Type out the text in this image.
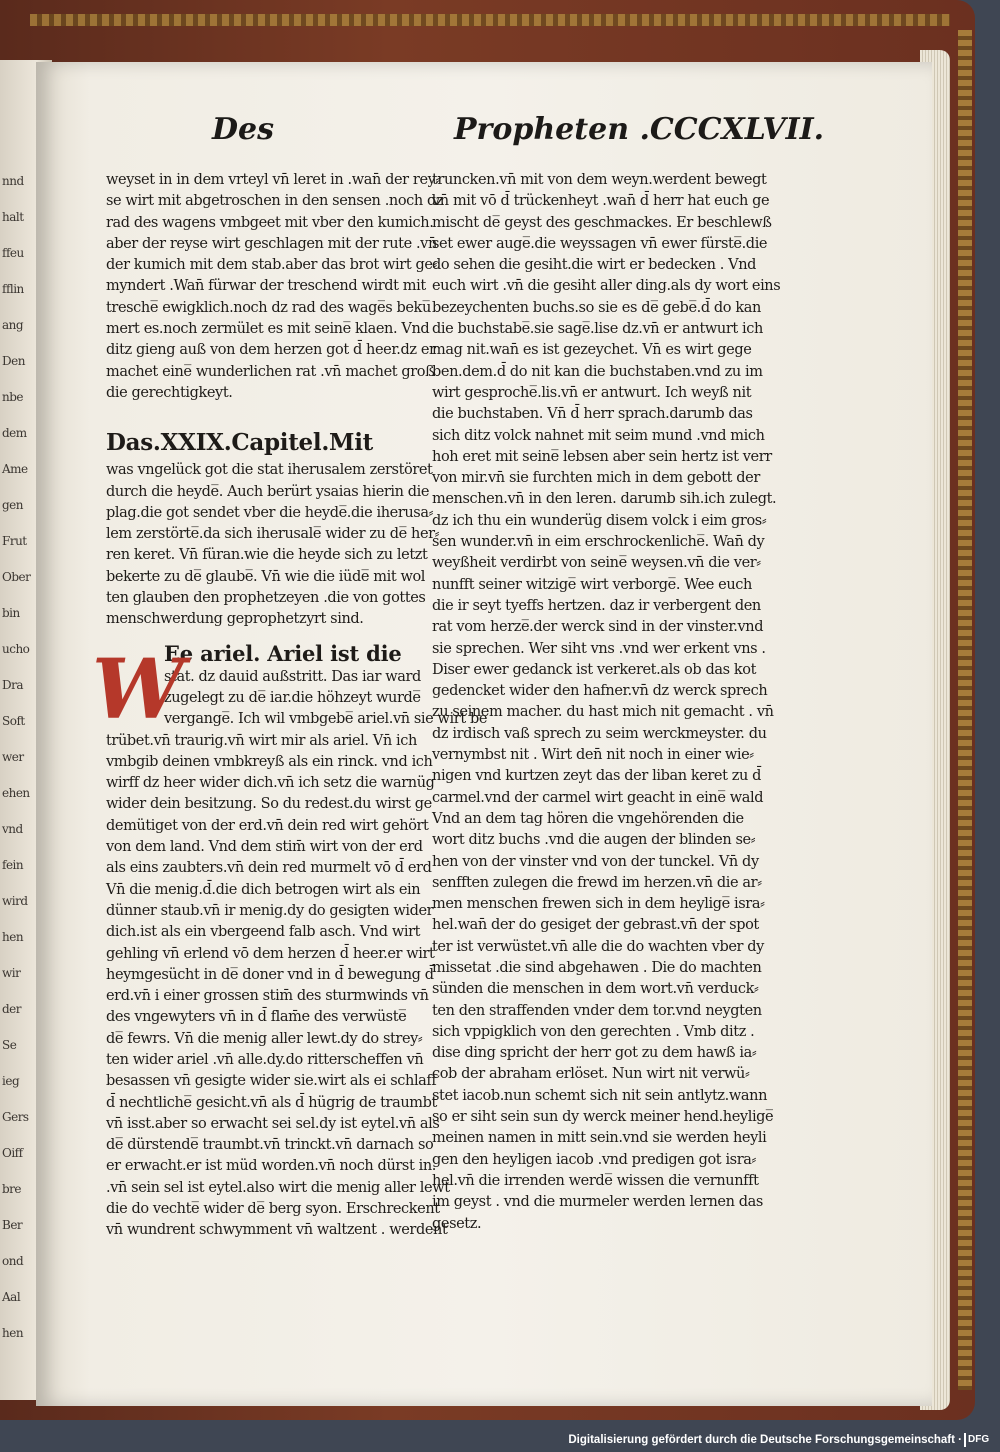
nnd
halt
ffeu
fflin
ang
Den
nbe
dem
Ame
gen
Frut
Ober
bin
ucho
Dra
Soft
wer
ehen
vnd
fein
wird
hen
wir
der
Se
ieg
Gers
Oiff
bre
Ber
ond
Aal
hen
Des	Propheten .CCCXLVII.
weyset in in dem vrteyl vn̄ leret in .wan̄ der rey⸗
se wirt mit abgetroschen in den sensen .noch dz
rad des wagens vmbgeet mit vber den kumich.
aber der reyse wirt geschlagen mit der rute .vn̄
der kumich mit dem stab.aber das brot wirt ge⸗
myndert .Wan̄ fürwar der treschend wirdt mit
tresche̅ ewigklich.noch dz rad des wage̅s beku̅
mert es.noch zermület es mit seine̅ klaen. Vnd
ditz gieng auß von dem herzen got d̄ heer.dz er
machet eine̅ wunderlichen rat .vn̄ machet groß
die gerechtigkeyt.
Das.XXIX.Capitel.Mit
was vngelück got die stat iherusalem zerstöret
durch die heyde̅. Auch berürt ysaias hierin die
plag.die got sendet vber die heyde̅.die iherusa⸗
lem zerstörte̅.da sich iherusale̅ wider zu de̅ her⸗
ren keret. Vn̄ füran.wie die heyde sich zu letzt
bekerte zu de̅ glaube̅. Vn̄ wie die iüde̅ mit wol
ten glauben den prophetzeyen .die von gottes
menschwerdung geprophetzyrt sind.
W
Ee ariel. Ariel ist die
stat. dz dauid außstritt. Das iar ward
zugelegt zu de̅ iar.die höhzeyt wurde̅
vergange̅. Ich wil vmbgebe̅ ariel.vn̄ sie wirt be
trübet.vn̄ traurig.vn̄ wirt mir als ariel. Vn̄ ich
vmbgib deinen vmbkreyß als ein rinck. vnd ich
wirff dz heer wider dich.vn̄ ich setz die warnüg
wider dein besitzung. So du redest.du wirst ge
demütiget von der erd.vn̄ dein red wirt gehört
von dem land. Vnd dem stim̄ wirt von der erd
als eins zaubters.vn̄ dein red murmelt vō d̄ erd
Vn̄ die menig.d̄.die dich betrogen wirt als ein
dünner staub.vn̄ ir menig.dy do gesigten wider
dich.ist als ein vbergeend falb asch. Vnd wirt
gehling vn̄ erlend vō dem herzen d̄ heer.er wirt
heymgesücht in de̅ doner vnd in d̄ bewegung d̄
erd.vn̄ i einer grossen stim̄ des sturmwinds vn̄
des vngewyters vn̄ in d̄ flam̄e des verwüste̅
de̅ fewrs. Vn̄ die menig aller lewt.dy do strey⸗
ten wider ariel .vn̄ alle.dy.do ritterscheffen vn̄
besassen vn̄ gesigte wider sie.wirt als ei schlaff
d̄ nechtliche̅ gesicht.vn̄ als d̄ hügrig de traumbt
vn̄ isst.aber so erwacht sei sel.dy ist eytel.vn̄ als
de̅ dürstende̅ traumbt.vn̄ trinckt.vn̄ darnach so
er erwacht.er ist müd worden.vn̄ noch dürst in.
.vn̄ sein sel ist eytel.also wirt die menig aller lewt
die do vechte̅ wider de̅ berg syon. Erschreckent
vn̄ wundrent schwymment vn̄ waltzent . werdent
truncken.vn̄ mit von dem weyn.werdent bewegt
vn̄ mit vō d̄ trückenheyt .wan̄ d̄ herr hat euch ge
mischt de̅ geyst des geschmackes. Er beschlewß
set ewer auge̅.die weyssagen vn̄ ewer fürste̅.die
do sehen die gesiht.die wirt er bedecken . Vnd
euch wirt .vn̄ die gesiht aller ding.als dy wort eins
bezeychenten buchs.so sie es de̅ gebe̅.d̄ do kan
die buchstabe̅.sie sage̅.lise dz.vn̄ er antwurt ich
mag nit.wan̄ es ist gezeychet. Vn̄ es wirt gege
ben.dem.d̄ do nit kan die buchstaben.vnd zu im
wirt gesproche̅.lis.vn̄ er antwurt. Ich weyß nit
die buchstaben. Vn̄ d̄ herr sprach.darumb das
sich ditz volck nahnet mit seim mund .vnd mich
hoh eret mit seine̅ lebsen aber sein hertz ist verr
von mir.vn̄ sie furchten mich in dem gebott der
menschen.vn̄ in den leren. darumb sih.ich zulegt.
dz ich thu ein wunderüg disem volck i eim gros⸗
sen wunder.vn̄ in eim erschrockenliche̅. Wan̄ dy
weyßheit verdirbt von seine̅ weysen.vn̄ die ver⸗
nunfft seiner witzige̅ wirt verborge̅. Wee euch
die ir seyt tyeffs hertzen. daz ir verbergent den
rat vom herze̅.der werck sind in der vinster.vnd
sie sprechen. Wer siht vns .vnd wer erkent vns .
Diser ewer gedanck ist verkeret.als ob das kot
gedencket wider den hafner.vn̄ dz werck sprech
zu seinem macher. du hast mich nit gemacht . vn̄
dz irdisch vaß sprech zu seim werckmeyster. du
vernymbst nit . Wirt den̄ nit noch in einer wie⸗
nigen vnd kurtzen zeyt das der liban keret zu d̄
carmel.vnd der carmel wirt geacht in eine̅ wald
Vnd an dem tag hören die vngehörenden die
wort ditz buchs .vnd die augen der blinden se⸗
hen von der vinster vnd von der tunckel. Vn̄ dy
senfften zulegen die frewd im herzen.vn̄ die ar⸗
men menschen frewen sich in dem heylige̅ isra⸗
hel.wan̄ der do gesiget der gebrast.vn̄ der spot
ter ist verwüstet.vn̄ alle die do wachten vber dy
missetat .die sind abgehawen . Die do machten
sünden die menschen in dem wort.vn̄ verduck⸗
ten den straffenden vnder dem tor.vnd neygten
sich vppigklich von den gerechten . Vmb ditz .
dise ding spricht der herr got zu dem hawß ia⸗
cob der abraham erlöset. Nun wirt nit verwü⸗
stet iacob.nun schemt sich nit sein antlytz.wann
so er siht sein sun dy werck meiner hend.heylige̅
meinen namen in mitt sein.vnd sie werden heyli
gen den heyligen iacob .vnd predigen got isra⸗
hel.vn̄ die irrenden werde̅ wissen die vernunfft
im geyst . vnd die murmeler werden lernen das
gesetz.
Digitalisierung gefördert durch die Deutsche Forschungsgemeinschaft · DFG
